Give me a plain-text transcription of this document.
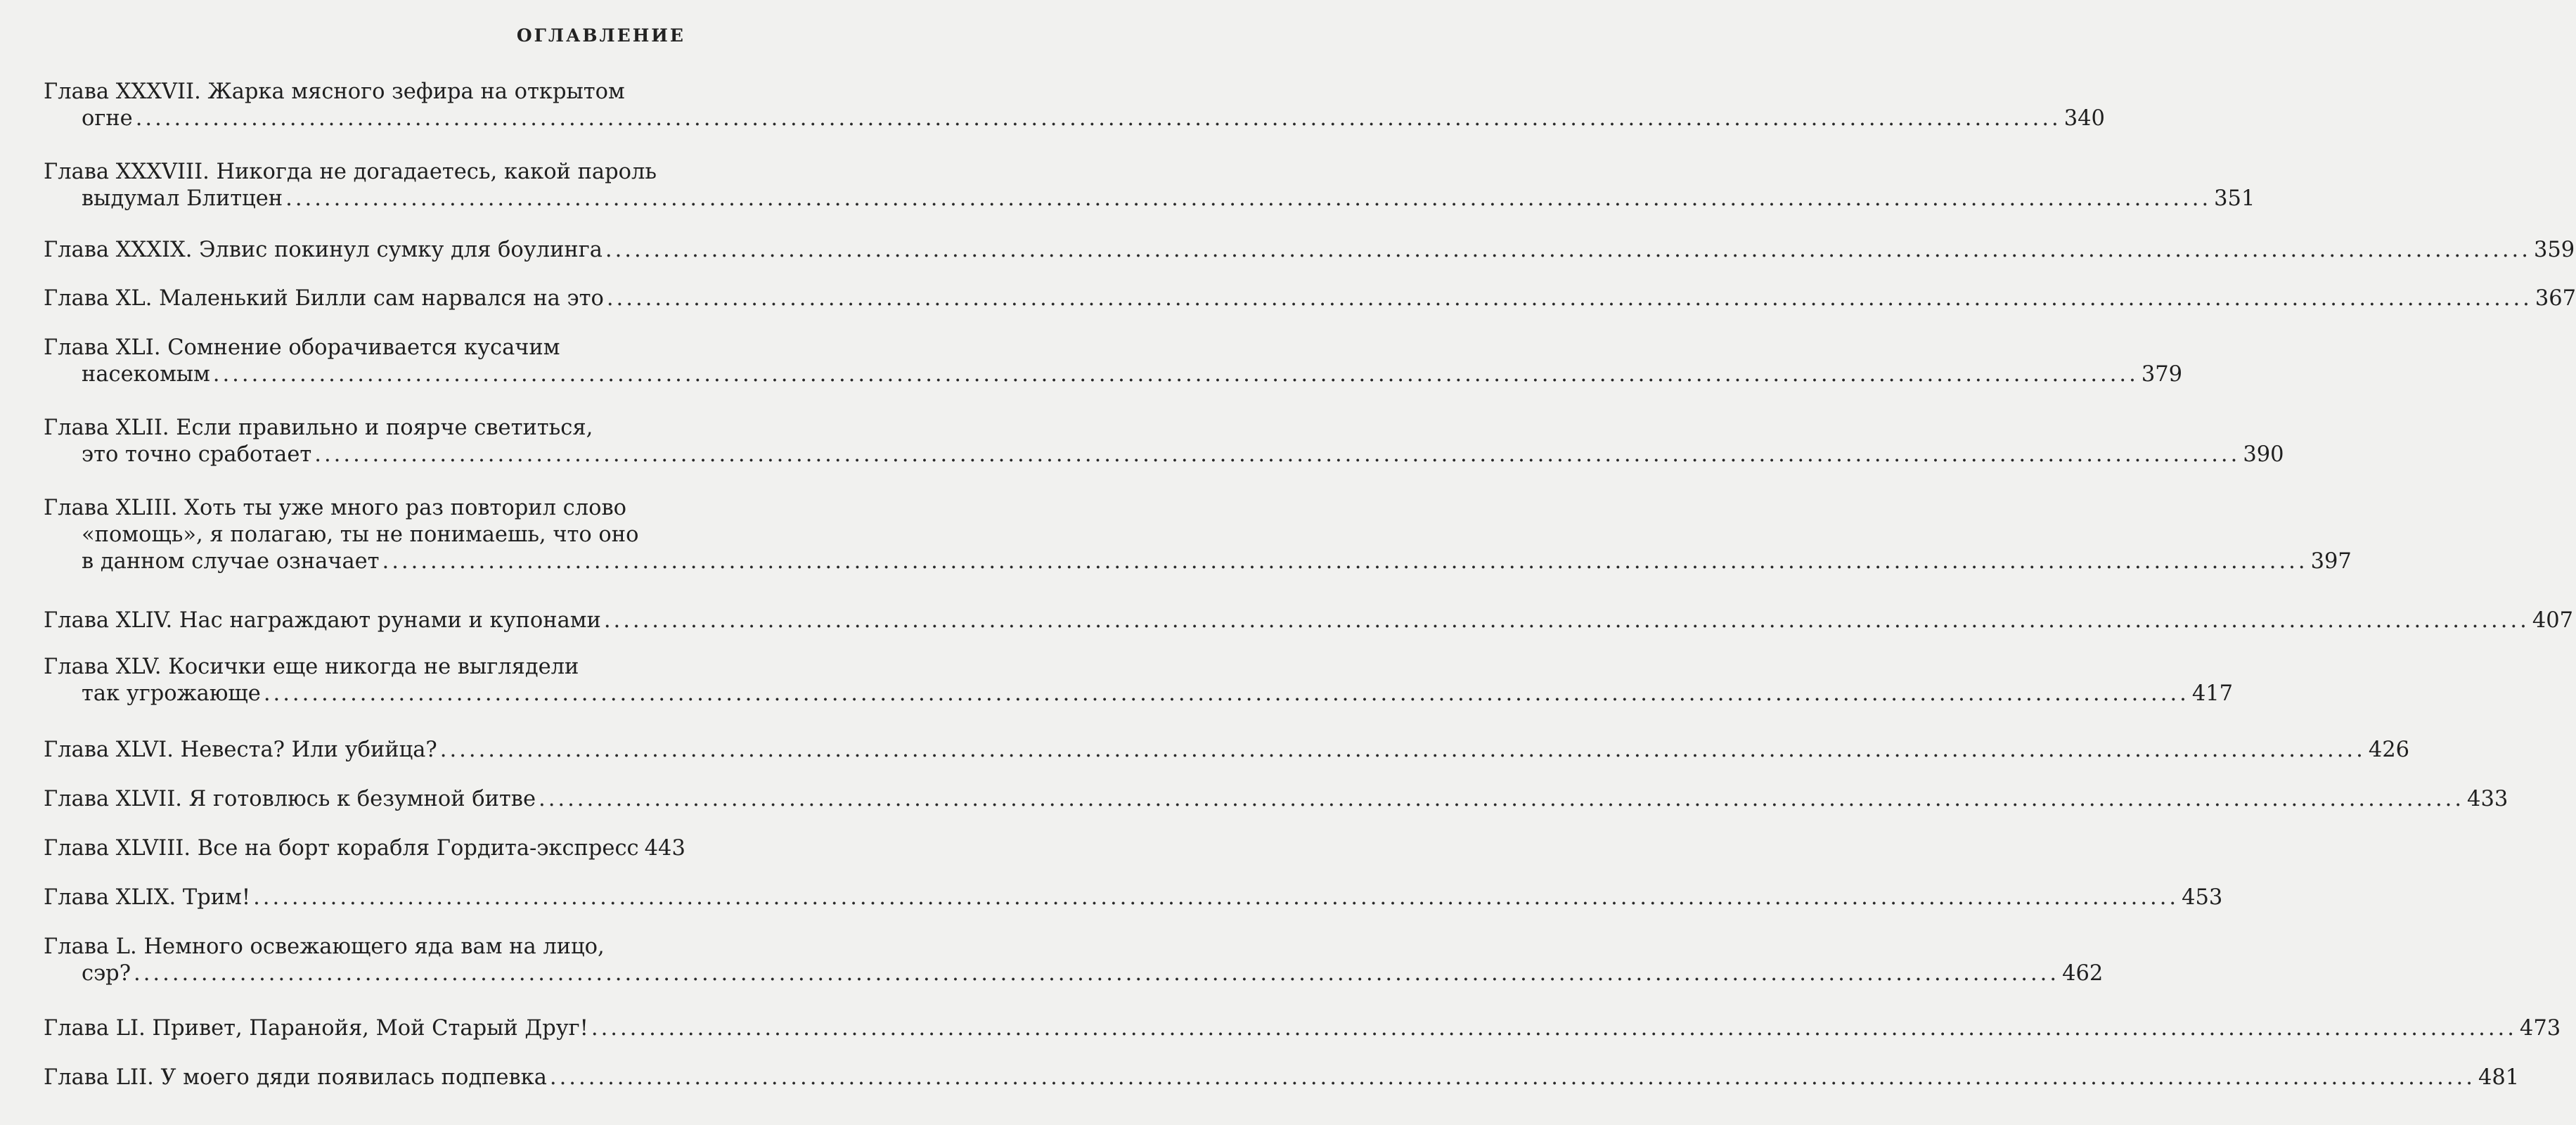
ОГЛАВЛЕНИЕ
Глава XXXVII. Жарка мясного зефира на открытом
огне ........................................................................................................................................................................................................ 340
Глава XXXVIII. Никогда не догадаетесь, какой пароль
выдумал Блитцен ........................................................................................................................................................................................................ 351
Глава XXXIX. Элвис покинул сумку для боулинга ........................................................................................................................................................................................................ 359
Глава XL. Маленький Билли сам нарвался на это ........................................................................................................................................................................................................ 367
Глава XLI. Сомнение оборачивается кусачим
насекомым ........................................................................................................................................................................................................ 379
Глава XLII. Если правильно и поярче светиться,
это точно сработает ........................................................................................................................................................................................................ 390
Глава XLIII. Хоть ты уже много раз повторил слово
«помощь», я полагаю, ты не понимаешь, что оно
в данном случае означает ........................................................................................................................................................................................................ 397
Глава XLIV. Нас награждают рунами и купонами ........................................................................................................................................................................................................ 407
Глава XLV. Косички еще никогда не выглядели
так угрожающе ........................................................................................................................................................................................................ 417
Глава XLVI. Невеста? Или убийца? ........................................................................................................................................................................................................ 426
Глава XLVII. Я готовлюсь к безумной битве ........................................................................................................................................................................................................ 433
Глава XLVIII. Все на борт корабля Гордита-экспресс 443
Глава XLIX. Трим! ........................................................................................................................................................................................................ 453
Глава L. Немного освежающего яда вам на лицо,
сэр? ........................................................................................................................................................................................................ 462
Глава LI. Привет, Паранойя, Мой Старый Друг! ........................................................................................................................................................................................................ 473
Глава LII. У моего дяди появилась подпевка ........................................................................................................................................................................................................ 481
